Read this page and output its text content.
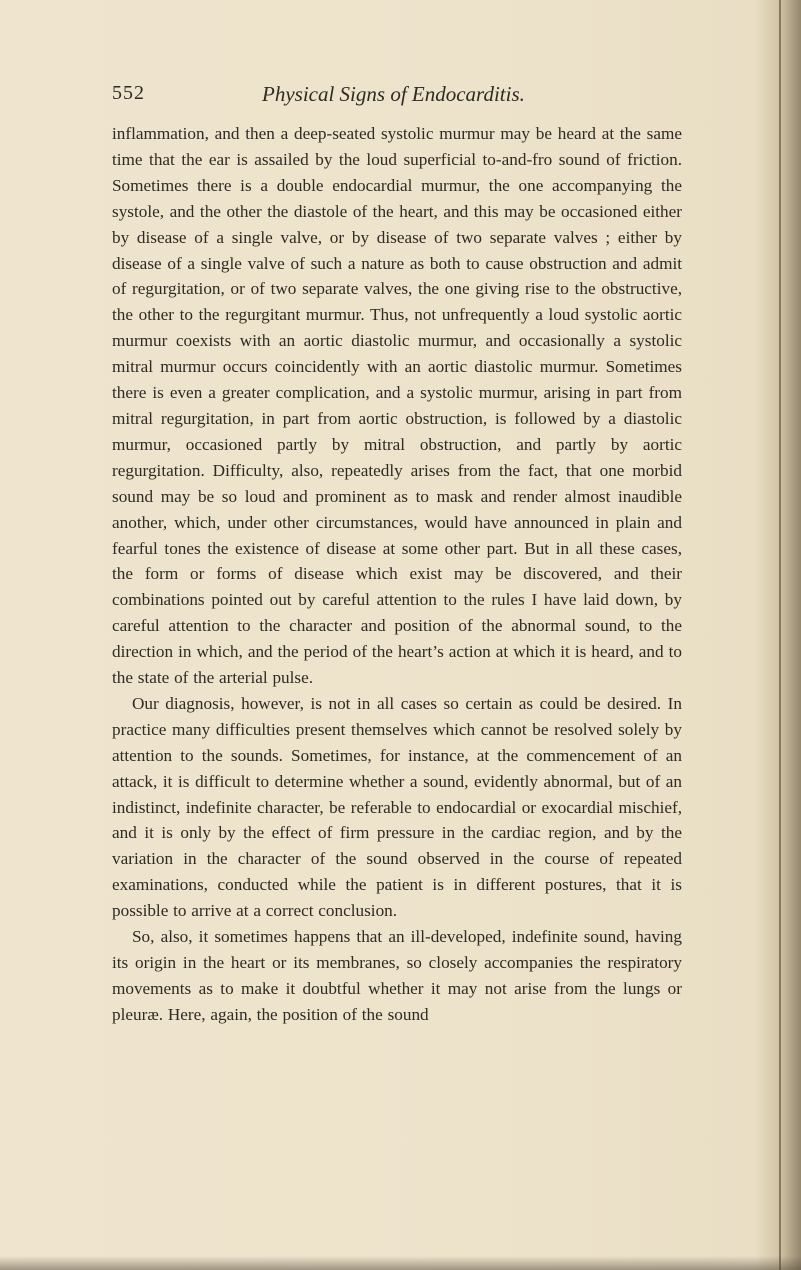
552	Physical Signs of Endocarditis.

inflammation, and then a deep-seated systolic murmur may be heard at the same time that the ear is assailed by the loud superficial to-and-fro sound of friction. Sometimes there is a double endocardial murmur, the one accompanying the systole, and the other the diastole of the heart, and this may be occasioned either by disease of a single valve, or by disease of two separate valves ; either by disease of a single valve of such a nature as both to cause obstruction and admit of regurgitation, or of two separate valves, the one giving rise to the obstructive, the other to the regurgitant murmur. Thus, not unfrequently a loud systolic aortic murmur coexists with an aortic diastolic murmur, and occasionally a systolic mitral murmur occurs coincidently with an aortic diastolic murmur. Sometimes there is even a greater complication, and a systolic murmur, arising in part from mitral regurgitation, in part from aortic obstruction, is followed by a diastolic murmur, occasioned partly by mitral obstruction, and partly by aortic regurgitation. Difficulty, also, repeatedly arises from the fact, that one morbid sound may be so loud and prominent as to mask and render almost inaudible another, which, under other circumstances, would have announced in plain and fearful tones the existence of disease at some other part. But in all these cases, the form or forms of disease which exist may be discovered, and their combinations pointed out by careful attention to the rules I have laid down, by careful attention to the character and position of the abnormal sound, to the direction in which, and the period of the heart’s action at which it is heard, and to the state of the arterial pulse.

Our diagnosis, however, is not in all cases so certain as could be desired. In practice many difficulties present themselves which cannot be resolved solely by attention to the sounds. Sometimes, for instance, at the commencement of an attack, it is difficult to determine whether a sound, evidently abnormal, but of an indistinct, indefinite character, be referable to endocardial or exocardial mischief, and it is only by the effect of firm pressure in the cardiac region, and by the variation in the character of the sound observed in the course of repeated examinations, conducted while the patient is in different postures, that it is possible to arrive at a correct conclusion.

So, also, it sometimes happens that an ill-developed, indefinite sound, having its origin in the heart or its membranes, so closely accompanies the respiratory movements as to make it doubtful whether it may not arise from the lungs or pleuræ. Here, again, the position of the sound
